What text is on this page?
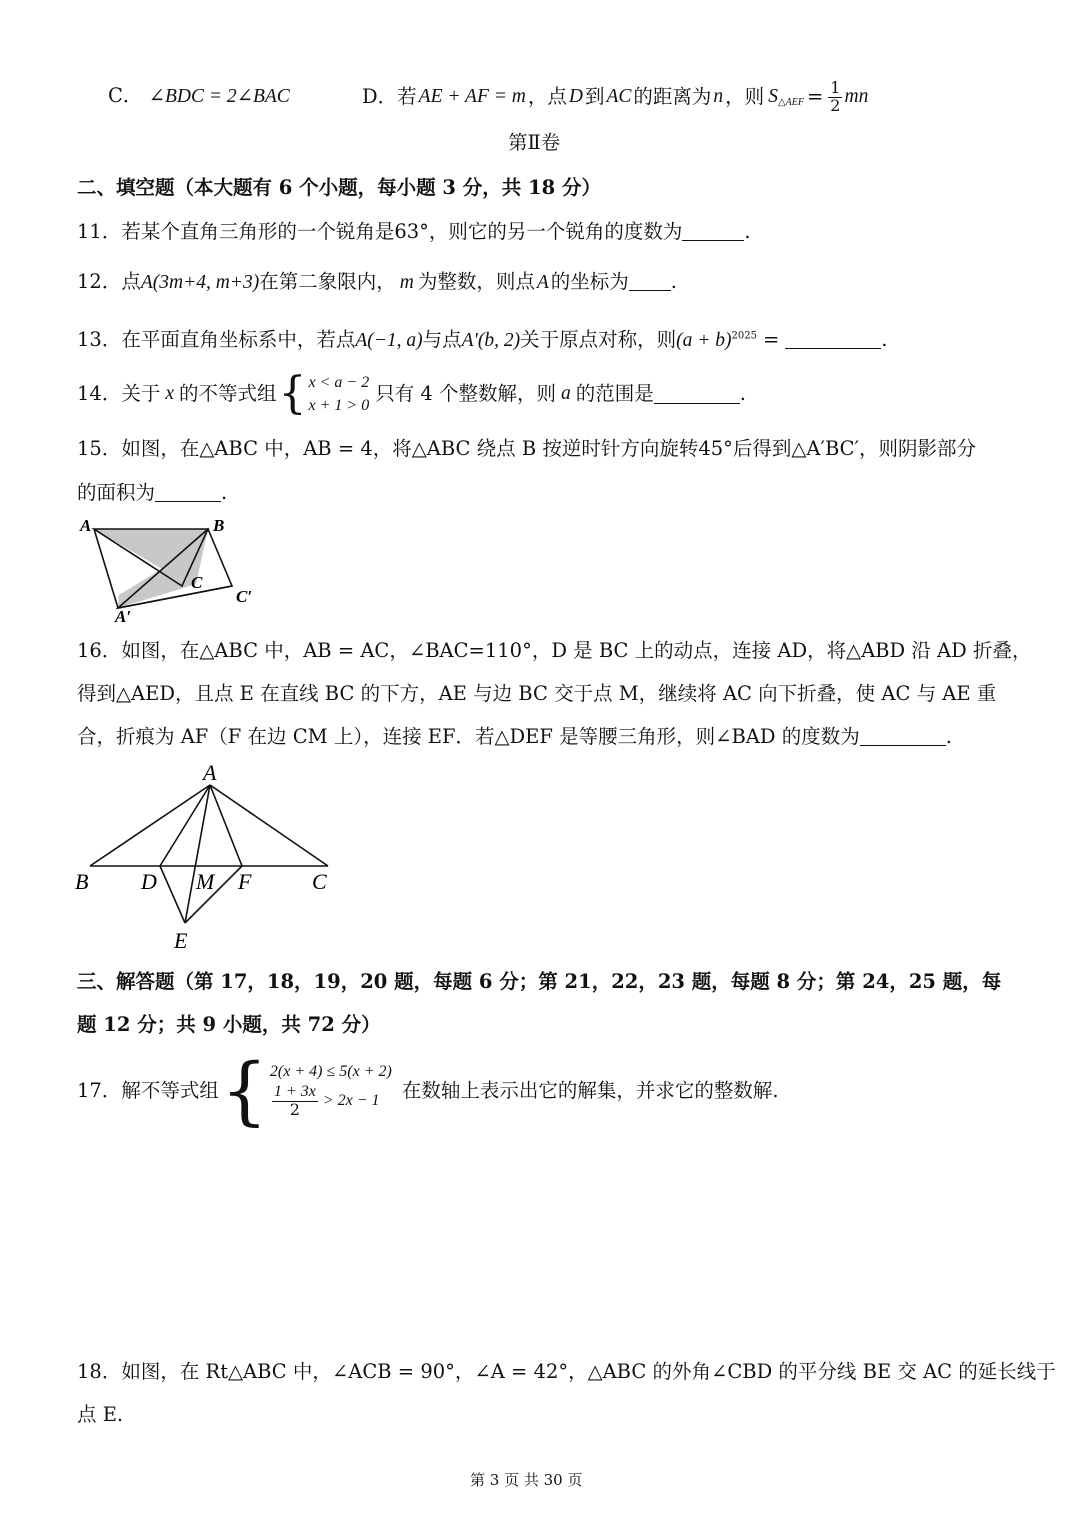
C． ∠BDC = 2∠BAC	D． 若 AE + AF = m ，点 D 到 AC 的距离为 n ，则 S △AEF = $\frac{1}{2}$ mn
第Ⅱ卷
二、填空题（本大题有 6 个小题，每小题 3 分，共 18 分）
11．若某个直角三角形的一个锐角是63°，则它的另一个锐角的度数为	.
12．点A(3m+4, m+3)在第二象限内， m 为整数，则点 A 的坐标为 .
13．在平面直角坐标系中，若点A(−1, a)与点A′(b, 2)关于原点对称，则$(a + b)^{2025}$ =	.
14．关于 x 的不等式组 { x < a − 2
x + 1 > 0
只有 4 个整数解，则 a 的范围是	.
15．如图，在△ABC 中，AB = 4，将△ABC 绕点 B 按逆时针方向旋转45°后得到△A′BC′，则阴影部分
的面积为	.
A	B
C
A′
C′
16．如图，在△ABC 中，AB = AC，∠BAC=110°，D 是 BC 上的动点，连接 AD，将△ABD 沿 AD 折叠，
得到△AED，且点 E 在直线 BC 的下方，AE 与边 BC 交于点 M，继续将 AC 向下折叠，使 AC 与 AE 重
合，折痕为 AF（F 在边 CM 上），连接 EF．若△DEF 是等腰三角形，则∠BAD 的度数为	.
A
B D M F	C
E
三、解答题（第 17，18，19，20 题，每题 6 分；第 21，22，23 题，每题 8 分；第 24，25 题，每
题 12 分；共 9 小题，共 72 分）
17．解不等式组 { 2(x + 4) ≤ 5(x + 2)
$\frac{1 + 3x}{2} > 2x - 1$ 在数轴上表示出它的解集，并求它的整数解.
18．如图，在 Rt△ABC 中，∠ACB = 90°，∠A = 42°，△ABC 的外角∠CBD 的平分线 BE 交 AC 的延长线于
点 E.
第 3 页 共 30 页
